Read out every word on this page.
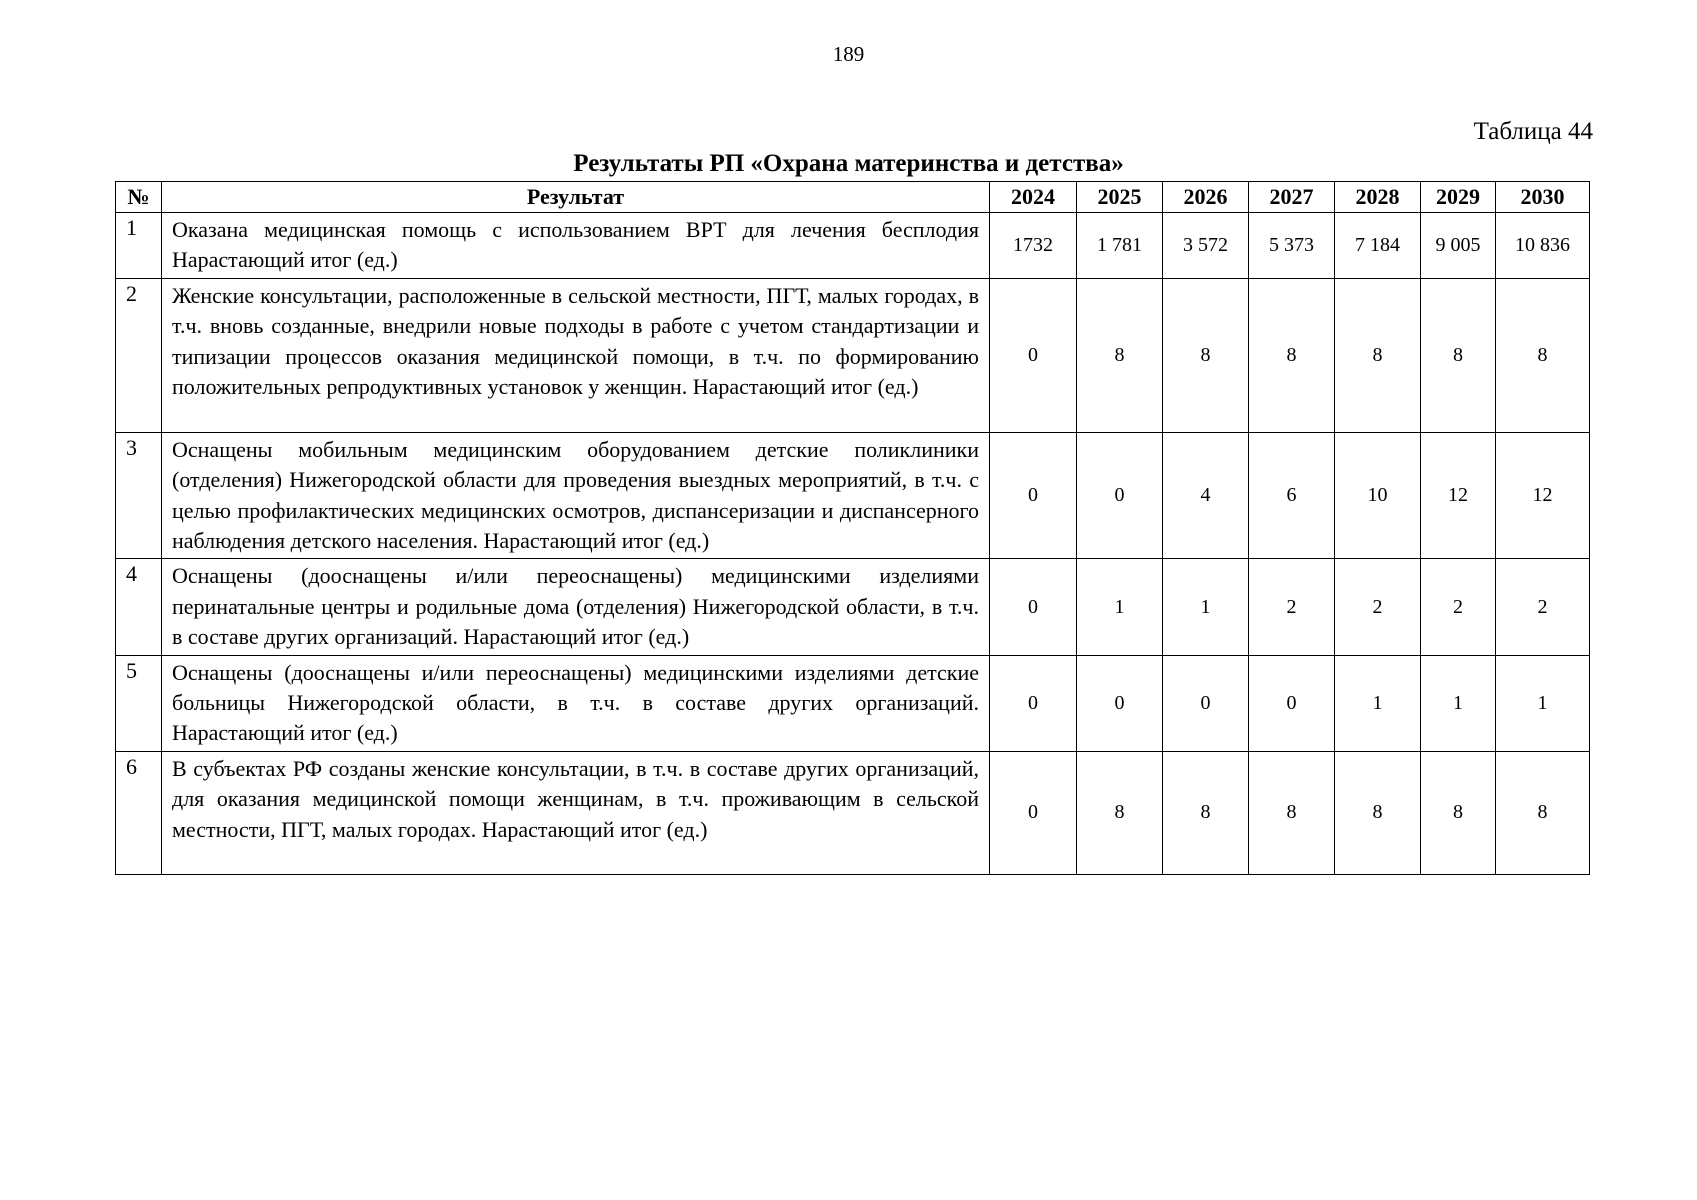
189
Таблица 44
Результаты РП «Охрана материнства и детства»
№	Результат	2024	2025	2026	2027	2028	2029	2030
1	Оказана медицинская помощь с использованием ВРТ для лечения бесплодия Нарастающий итог (ед.)	1732	1 781	3 572	5 373	7 184	9 005	10 836
2	Женские консультации, расположенные в сельской местности, ПГТ, малых городах, в т.ч. вновь созданные, внедрили новые подходы в работе с учетом стандартизации и типизации процессов оказания медицинской помощи, в т.ч. по формированию положительных репродуктивных установок у женщин. Нарастающий итог (ед.)	0	8	8	8	8	8	8
3	Оснащены мобильным медицинским оборудованием детские поликлиники (отделения) Нижегородской области для проведения выездных мероприятий, в т.ч. с целью профилактических медицинских осмотров, диспансеризации и диспансерного наблюдения детского населения. Нарастающий итог (ед.)	0	0	4	6	10	12	12
4	Оснащены (дооснащены и/или переоснащены) медицинскими изделиями перинатальные центры и родильные дома (отделения) Нижегородской области, в т.ч. в составе других организаций. Нарастающий итог (ед.)	0	1	1	2	2	2	2
5	Оснащены (дооснащены и/или переоснащены) медицинскими изделиями детские больницы Нижегородской области, в т.ч. в составе других организаций. Нарастающий итог (ед.)	0	0	0	0	1	1	1
6	В субъектах РФ созданы женские консультации, в т.ч. в составе других организаций, для оказания медицинской помощи женщинам, в т.ч. проживающим в сельской местности, ПГТ, малых городах. Нарастающий итог (ед.)	0	8	8	8	8	8	8
